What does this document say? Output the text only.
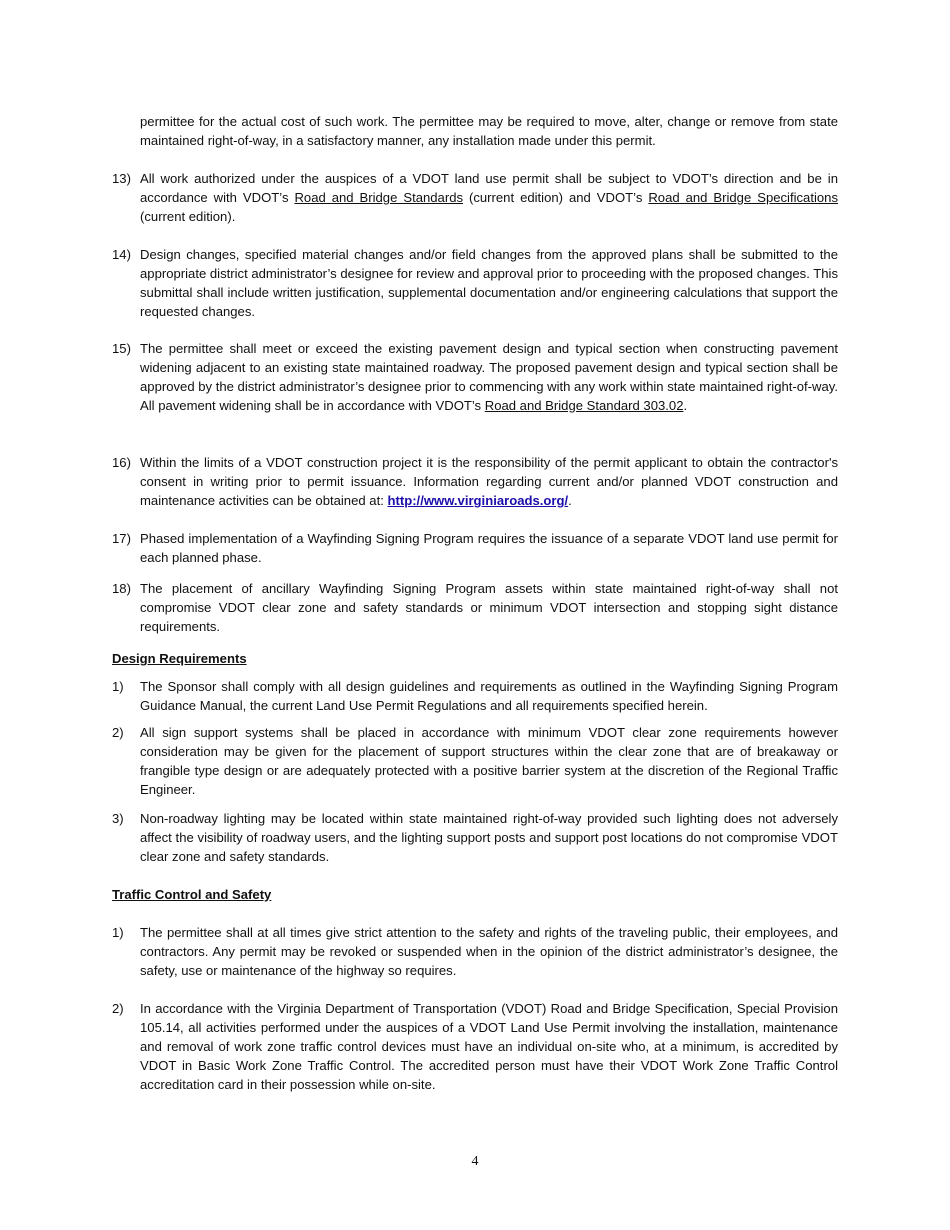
permittee for the actual cost of such work. The permittee may be required to move, alter, change or remove from state maintained right-of-way, in a satisfactory manner, any installation made under this permit.

13) All work authorized under the auspices of a VDOT land use permit shall be subject to VDOT’s direction and be in accordance with VDOT’s Road and Bridge Standards (current edition) and VDOT’s Road and Bridge Specifications (current edition).

14) Design changes, specified material changes and/or field changes from the approved plans shall be submitted to the appropriate district administrator’s designee for review and approval prior to proceeding with the proposed changes. This submittal shall include written justification, supplemental documentation and/or engineering calculations that support the requested changes.

15) The permittee shall meet or exceed the existing pavement design and typical section when constructing pavement widening adjacent to an existing state maintained roadway. The proposed pavement design and typical section shall be approved by the district administrator’s designee prior to commencing with any work within state maintained right-of-way. All pavement widening shall be in accordance with VDOT’s Road and Bridge Standard 303.02.

16) Within the limits of a VDOT construction project it is the responsibility of the permit applicant to obtain the contractor's consent in writing prior to permit issuance. Information regarding current and/or planned VDOT construction and maintenance activities can be obtained at: http://www.virginiaroads.org/.

17) Phased implementation of a Wayfinding Signing Program requires the issuance of a separate VDOT land use permit for each planned phase.

18) The placement of ancillary Wayfinding Signing Program assets within state maintained right-of-way shall not compromise VDOT clear zone and safety standards or minimum VDOT intersection and stopping sight distance requirements.

Design Requirements
1) The Sponsor shall comply with all design guidelines and requirements as outlined in the Wayfinding Signing Program Guidance Manual, the current Land Use Permit Regulations and all requirements specified herein.

2) All sign support systems shall be placed in accordance with minimum VDOT clear zone requirements however consideration may be given for the placement of support structures within the clear zone that are of breakaway or frangible type design or are adequately protected with a positive barrier system at the discretion of the Regional Traffic Engineer.

3) Non-roadway lighting may be located within state maintained right-of-way provided such lighting does not adversely affect the visibility of roadway users, and the lighting support posts and support post locations do not compromise VDOT clear zone and safety standards.

Traffic Control and Safety
1) The permittee shall at all times give strict attention to the safety and rights of the traveling public, their employees, and contractors. Any permit may be revoked or suspended when in the opinion of the district administrator’s designee, the safety, use or maintenance of the highway so requires.

2) In accordance with the Virginia Department of Transportation (VDOT) Road and Bridge Specification, Special Provision 105.14, all activities performed under the auspices of a VDOT Land Use Permit involving the installation, maintenance and removal of work zone traffic control devices must have an individual on-site who, at a minimum, is accredited by VDOT in Basic Work Zone Traffic Control. The accredited person must have their VDOT Work Zone Traffic Control accreditation card in their possession while on-site.

4
